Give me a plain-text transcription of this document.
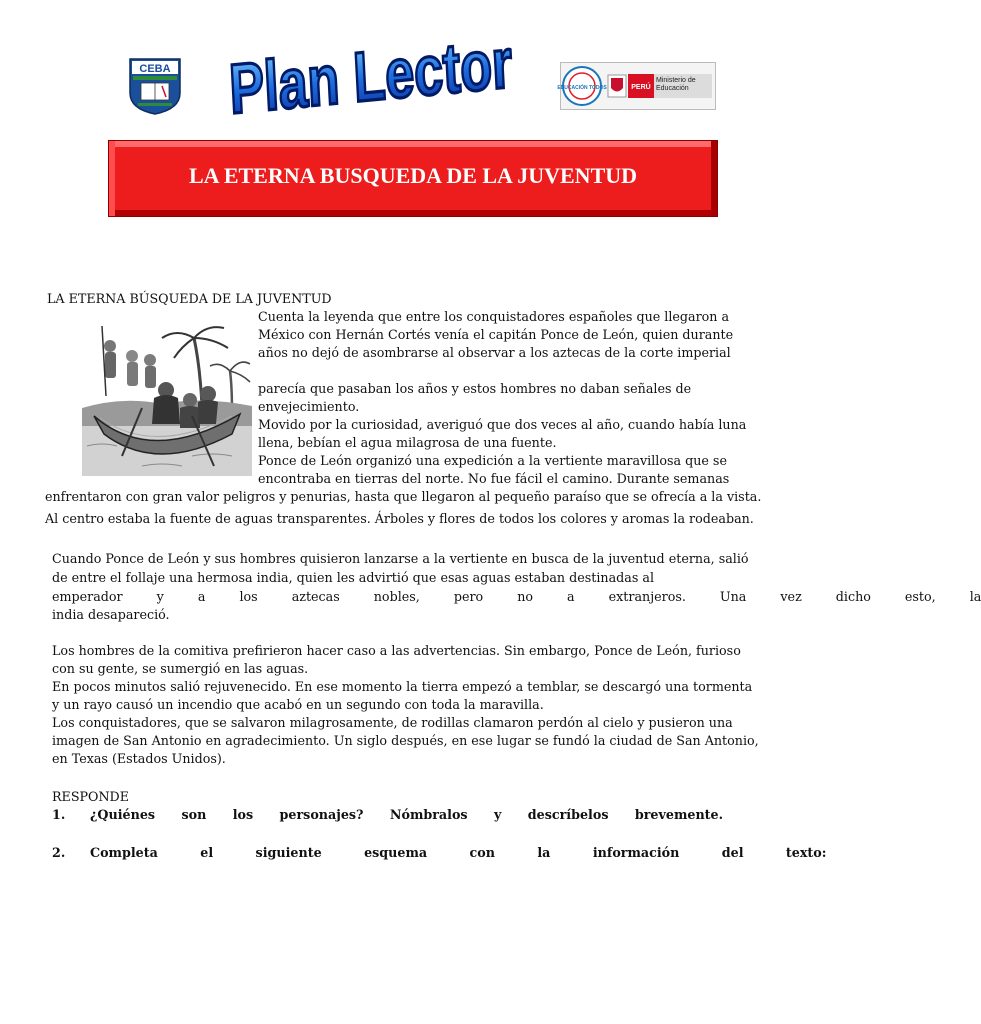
CEBA Plan Lector	EDUCACIÓN TODOS	PERÚ
Ministerio de Educación
LA ETERNA BUSQUEDA DE LA JUVENTUD
LA ETERNA BÚSQUEDA DE LA JUVENTUD
Cuenta la leyenda que entre los conquistadores españoles que llegaron a
México con Hernán Cortés venía el capitán Ponce de León, quien durante
años no dejó de asombrarse al observar a los aztecas de la corte imperial
parecía que pasaban los años y estos hombres no daban señales de
envejecimiento.
Movido por la curiosidad, averiguó que dos veces al año, cuando había luna
llena, bebían el agua milagrosa de una fuente.
Ponce de León organizó una expedición a la vertiente maravillosa que se
encontraba en tierras del norte. No fue fácil el camino. Durante semanas
enfrentaron con gran valor peligros y penurias, hasta que llegaron al pequeño paraíso que se ofrecía a la vista.
Al centro estaba la fuente de aguas transparentes. Árboles y flores de todos los colores y aromas la rodeaban.
Cuando Ponce de León y sus hombres quisieron lanzarse a la vertiente en busca de la juventud eterna, salió
de entre el follaje una hermosa india, quien les advirtió que esas aguas estaban destinadas al
emperador y a los aztecas nobles, pero no a extranjeros. Una vez dicho esto, la
india desapareció.
Los hombres de la comitiva prefirieron hacer caso a las advertencias. Sin embargo, Ponce de León, furioso
con su gente, se sumergió en las aguas.
En pocos minutos salió rejuvenecido. En ese momento la tierra empezó a temblar, se descargó una tormenta
y un rayo causó un incendio que acabó en un segundo con toda la maravilla.
Los conquistadores, que se salvaron milagrosamente, de rodillas clamaron perdón al cielo y pusieron una
imagen de San Antonio en agradecimiento. Un siglo después, en ese lugar se fundó la ciudad de San Antonio,
en Texas (Estados Unidos).
RESPONDE
1. ¿Quiénes son los personajes? Nómbralos y descríbelos brevemente.
2. Completa el siguiente esquema con la información del texto:
